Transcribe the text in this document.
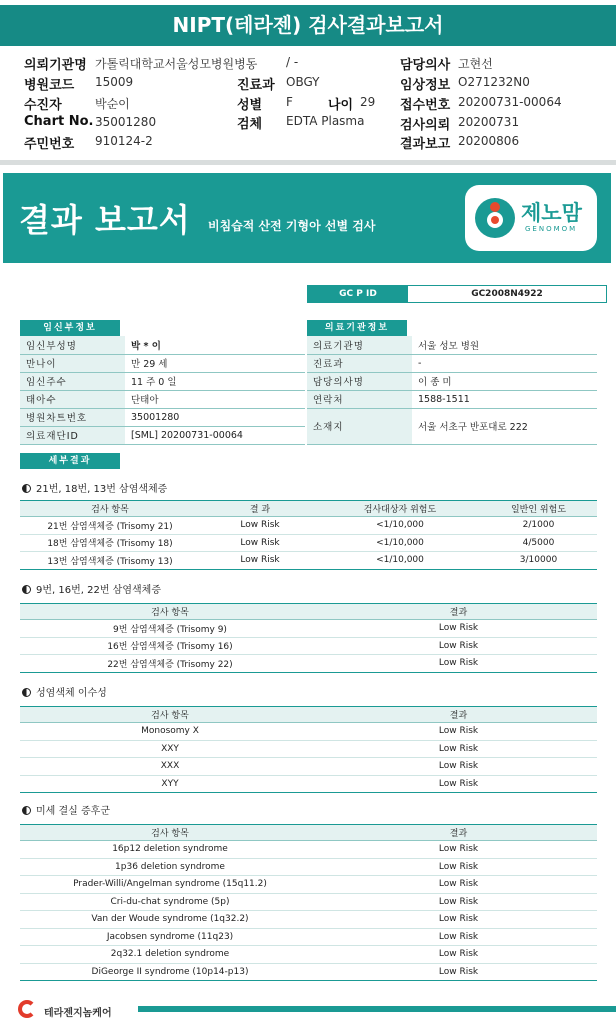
NIPT(테라젠) 검사결과보고서
의뢰기관명 가톨릭대학교서울성모병원병동 / -
병원코드 15009	진료과 OBGY
수진자	박순이	성별 F	나이 29
Chart No. 35001280	검체 EDTA Plasma
주민번호 910124-2
담당의사 고현선
임상정보 O271232N0
접수번호 20200731-00064
검사의뢰 20200731
결과보고 20200806
결과 보고서 비침습적 산전 기형아 선별 검사
제노맘
GENOMOM
GC P ID	GC2008N4922
임신부정보
임신부성명	박 * 이
만나이	만 29 세
임신주수	11 주 0 일
태아수	단태아
병원차트번호	35001280
의료재단ID	[SML] 20200731-00064
의료기관정보
의료기관명	서울 성모 병원
진료과	-
담당의사명	이 종 미
연락처	1588-1511
소재지	서울 서초구 반포대로 222
세부결과
21번, 18번, 13번 삼염색체증
검사 항목	결 과	검사대상자 위험도	일반인 위험도
21번 삼염색체증 (Trisomy 21)	Low Risk	<1/10,000	2/1000
18번 삼염색체증 (Trisomy 18)	Low Risk	<1/10,000	4/5000
13번 삼염색체증 (Trisomy 13)	Low Risk	<1/10,000	3/10000
9번, 16번, 22번 삼염색체증
검사 항목	결과
9번 삼염색체증 (Trisomy 9)	Low Risk
16번 삼염색체증 (Trisomy 16)	Low Risk
22번 삼염색체증 (Trisomy 22)	Low Risk
성염색체 이수성
검사 항목	결과
Monosomy X	Low Risk
XXY	Low Risk
XXX	Low Risk
XYY	Low Risk
미세 결실 증후군
검사 항목	결과
16p12 deletion syndrome	Low Risk
1p36 deletion syndrome	Low Risk
Prader-Willi/Angelman syndrome (15q11.2)	Low Risk
Cri-du-chat syndrome (5p)	Low Risk
Van der Woude syndrome (1q32.2)	Low Risk
Jacobsen syndrome (11q23)	Low Risk
2q32.1 deletion syndrome	Low Risk
DiGeorge II syndrome (10p14-p13)	Low Risk
테라젠지놈케어
